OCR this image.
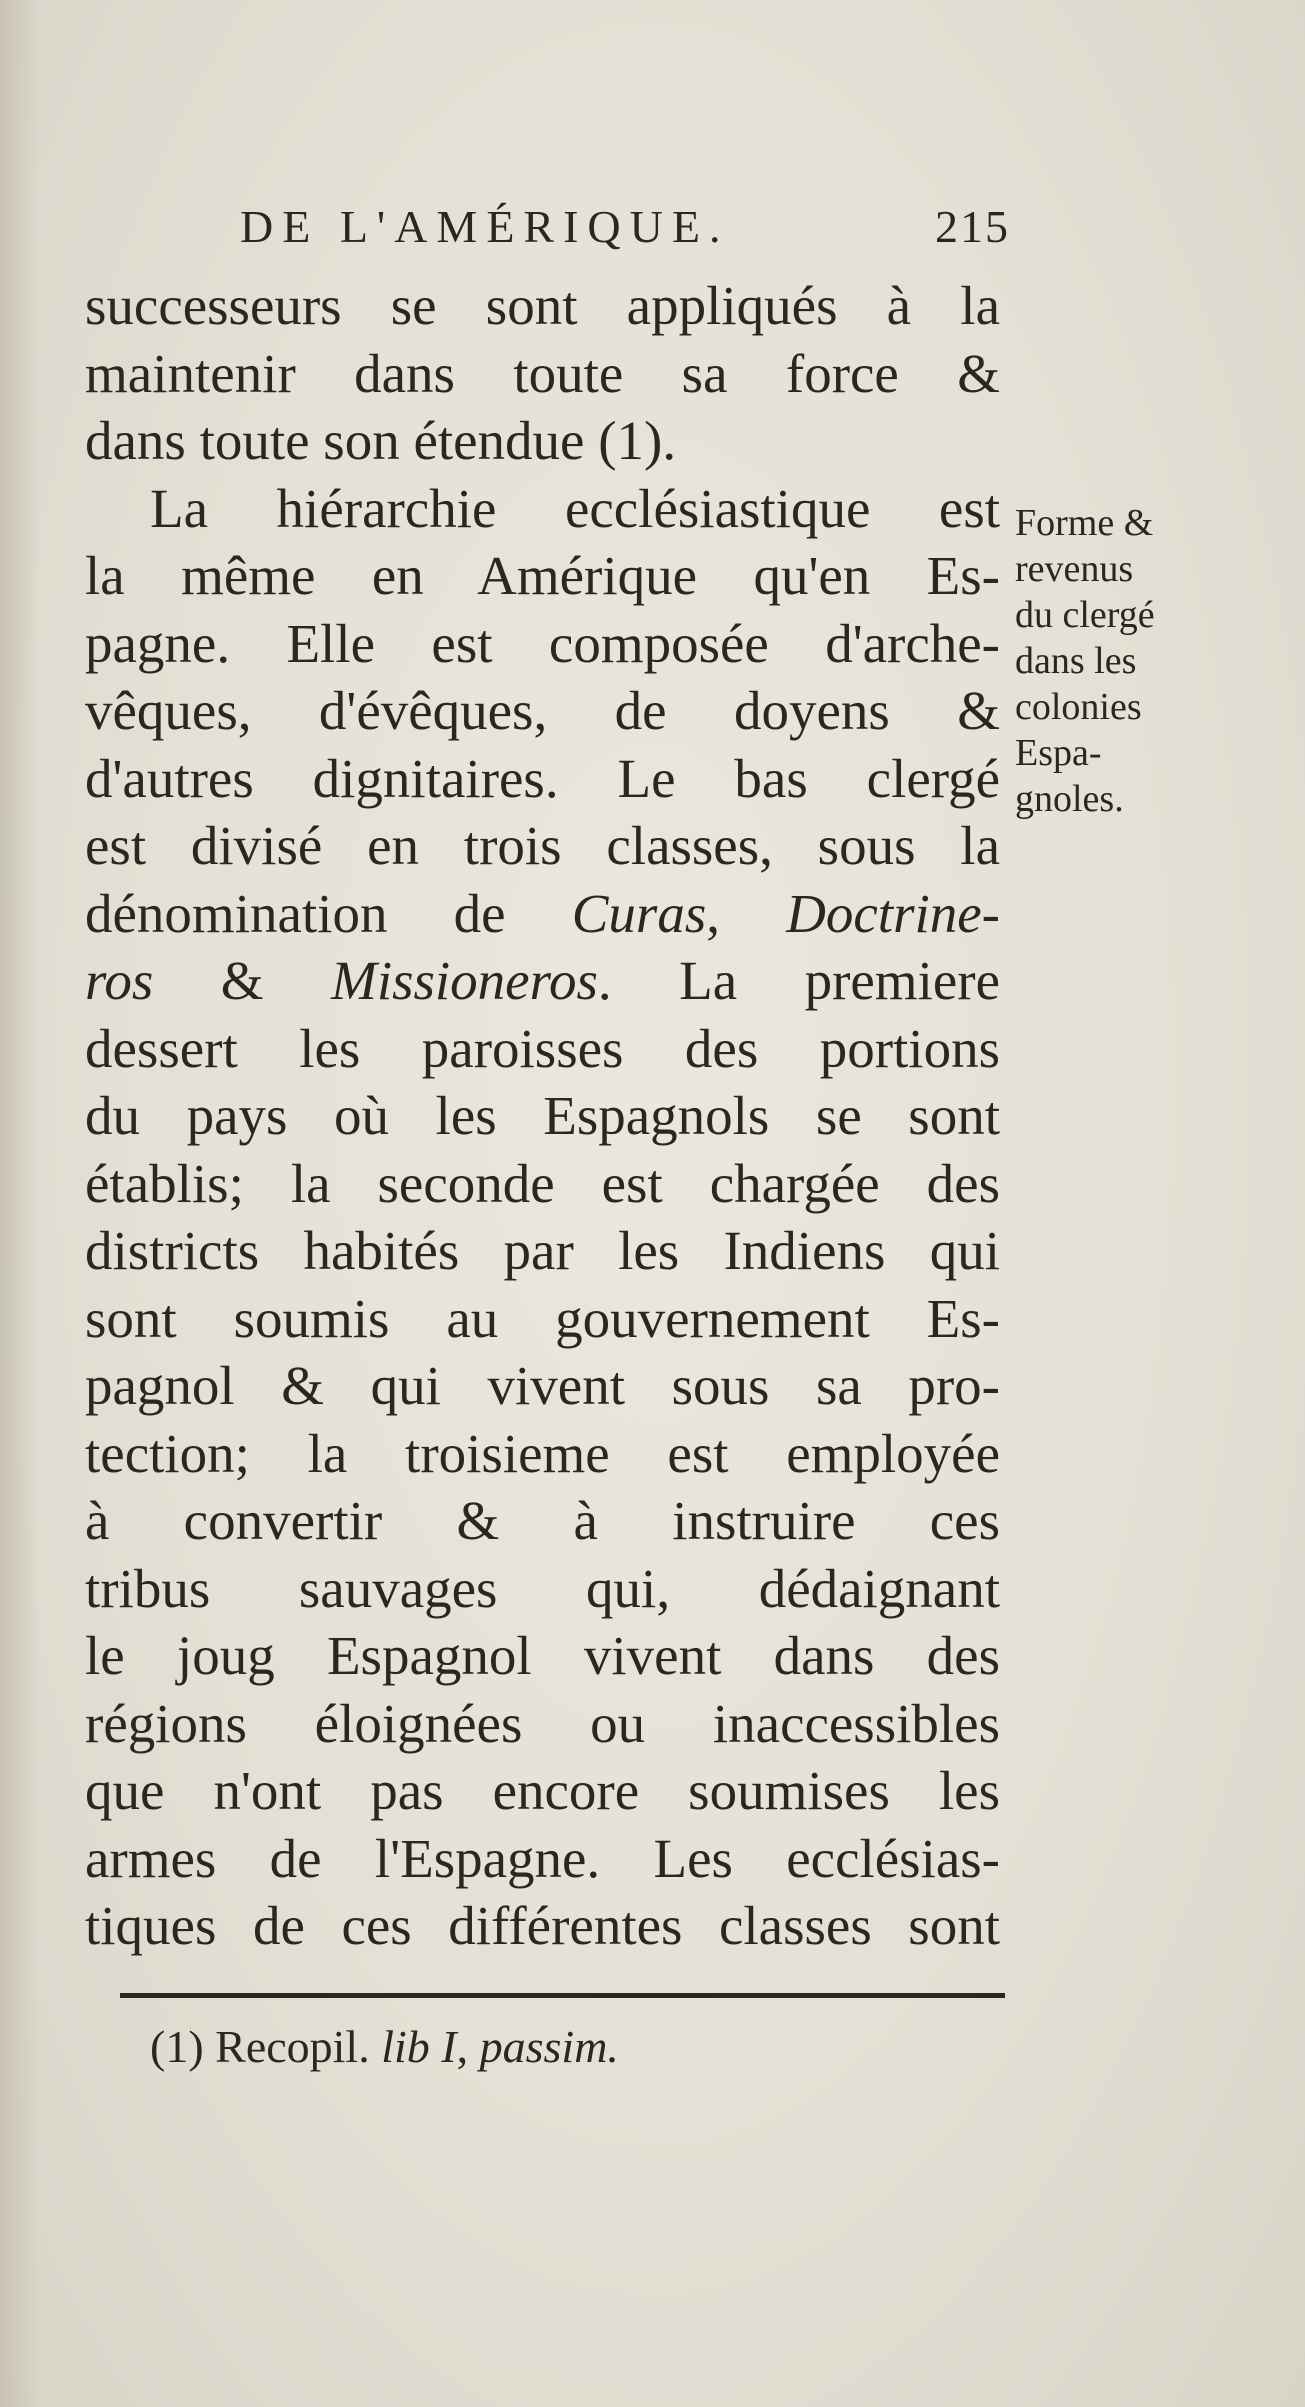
DE L'AMÉRIQUE.	215
successeurs se sont appliqués à la
maintenir dans toute sa force &
dans toute son étendue (1).
La hiérarchie ecclésiastique est
la même en Amérique qu'en Es-
pagne. Elle est composée d'arche-
vêques, d'évêques, de doyens &
d'autres dignitaires. Le bas clergé
est divisé en trois classes, sous la
dénomination de Curas, Doctrine-
ros & Missioneros. La premiere
dessert les paroisses des portions
du pays où les Espagnols se sont
établis; la seconde est chargée des
districts habités par les Indiens qui
sont soumis au gouvernement Es-
pagnol & qui vivent sous sa pro-
tection; la troisieme est employée
à convertir & à instruire ces
tribus sauvages qui, dédaignant
le joug Espagnol vivent dans des
régions éloignées ou inaccessibles
que n'ont pas encore soumises les
armes de l'Espagne. Les ecclésias-
tiques de ces différentes classes sont
Forme &
revenus
du clergé
dans les
colonies
Espa-
gnoles.
(1) Recopil. lib I, passim.
